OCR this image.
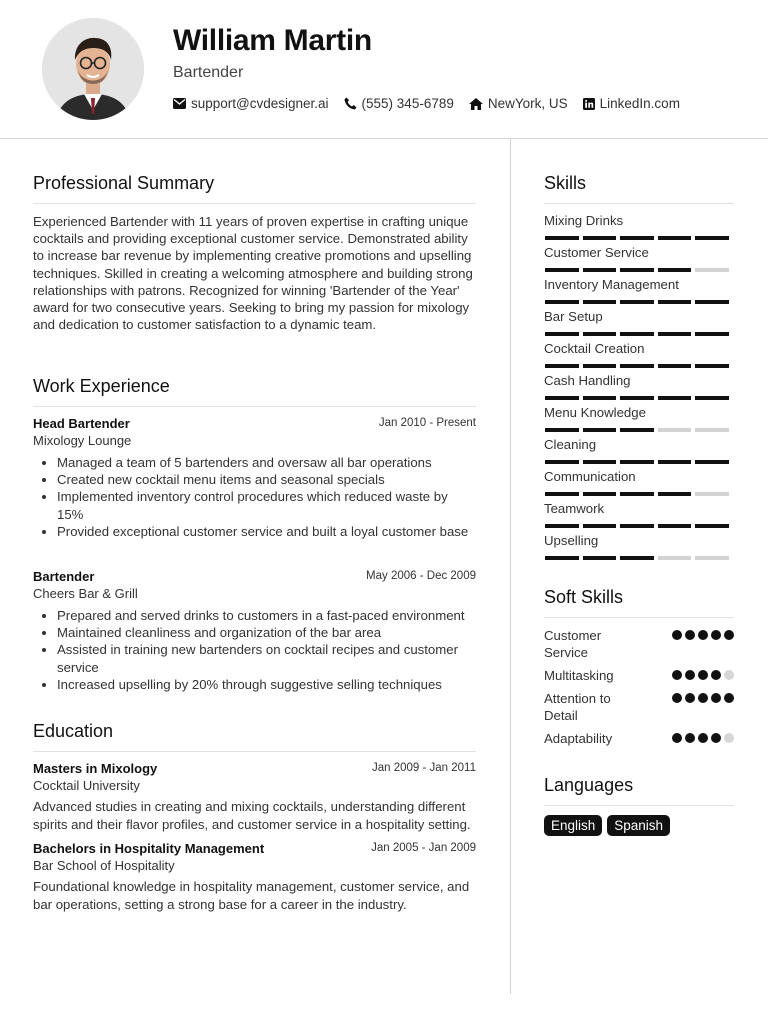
William Martin
Bartender
support@cvdesigner.ai (555) 345-6789	NewYork, US LinkedIn.com
Professional Summary

Experienced Bartender with 11 years of proven expertise in crafting unique cocktails and providing exceptional customer service. Demonstrated ability to increase bar revenue by implementing creative promotions and upselling techniques. Skilled in creating a welcoming atmosphere and building strong relationships with patrons. Recognized for winning 'Bartender of the Year' award for two consecutive years. Seeking to bring my passion for mixology and dedication to customer satisfaction to a dynamic team.

Work Experience
Head Bartender	Jan 2010 - Present
Mixology Lounge
• Managed a team of 5 bartenders and oversaw all bar operations
• Created new cocktail menu items and seasonal specials
• Implemented inventory control procedures which reduced waste by 15%
• Provided exceptional customer service and built a loyal customer base
Bartender	May 2006 - Dec 2009
Cheers Bar & Grill
• Prepared and served drinks to customers in a fast-paced environment
• Maintained cleanliness and organization of the bar area
• Assisted in training new bartenders on cocktail recipes and customer service
• Increased upselling by 20% through suggestive selling techniques
Education
Masters in Mixology	Jan 2009 - Jan 2011
Cocktail University

Advanced studies in creating and mixing cocktails, understanding different spirits and their flavor profiles, and customer service in a hospitality setting.

Bachelors in Hospitality Management	Jan 2005 - Jan 2009
Bar School of Hospitality

Foundational knowledge in hospitality management, customer service, and bar operations, setting a strong base for a career in the industry.

Skills
Mixing Drinks
Customer Service
Inventory Management
Bar Setup
Cocktail Creation
Cash Handling
Menu Knowledge
Cleaning
Communication
Teamwork
Upselling
Soft Skills
Customer Service
Multitasking
Attention to Detail
Adaptability
Languages
English	Spanish
